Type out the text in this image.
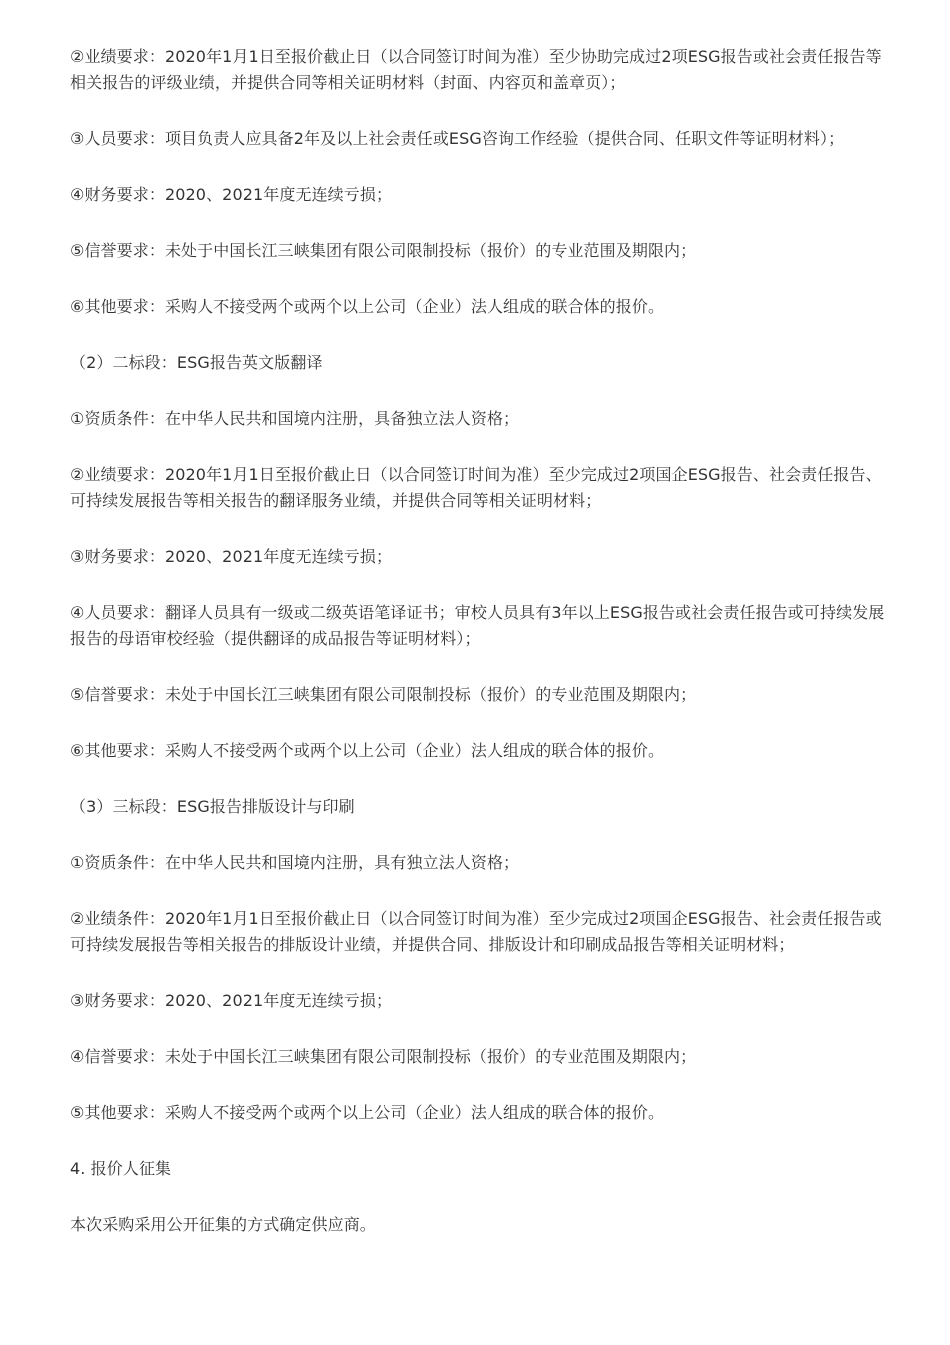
②业绩要求：2020年1月1日至报价截止日（以合同签订时间为准）至少协助完成过2项ESG报告或社会责任报告等相关报告的评级业绩，并提供合同等相关证明材料（封面、内容页和盖章页）；

③人员要求：项目负责人应具备2年及以上社会责任或ESG咨询工作经验（提供合同、任职文件等证明材料）；

④财务要求：2020、2021年度无连续亏损；

⑤信誉要求：未处于中国长江三峡集团有限公司限制投标（报价）的专业范围及期限内；

⑥其他要求：采购人不接受两个或两个以上公司（企业）法人组成的联合体的报价。

（2）二标段：ESG报告英文版翻译

①资质条件：在中华人民共和国境内注册，具备独立法人资格；

②业绩要求：2020年1月1日至报价截止日（以合同签订时间为准）至少完成过2项国企ESG报告、社会责任报告、可持续发展报告等相关报告的翻译服务业绩，并提供合同等相关证明材料；

③财务要求：2020、2021年度无连续亏损；

④人员要求：翻译人员具有一级或二级英语笔译证书；审校人员具有3年以上ESG报告或社会责任报告或可持续发展报告的母语审校经验（提供翻译的成品报告等证明材料）；

⑤信誉要求：未处于中国长江三峡集团有限公司限制投标（报价）的专业范围及期限内；

⑥其他要求：采购人不接受两个或两个以上公司（企业）法人组成的联合体的报价。

（3）三标段：ESG报告排版设计与印刷

①资质条件：在中华人民共和国境内注册，具有独立法人资格；

②业绩条件：2020年1月1日至报价截止日（以合同签订时间为准）至少完成过2项国企ESG报告、社会责任报告或可持续发展报告等相关报告的排版设计业绩，并提供合同、排版设计和印刷成品报告等相关证明材料；

③财务要求：2020、2021年度无连续亏损；

④信誉要求：未处于中国长江三峡集团有限公司限制投标（报价）的专业范围及期限内；

⑤其他要求：采购人不接受两个或两个以上公司（企业）法人组成的联合体的报价。

4. 报价人征集

本次采购采用公开征集的方式确定供应商。
